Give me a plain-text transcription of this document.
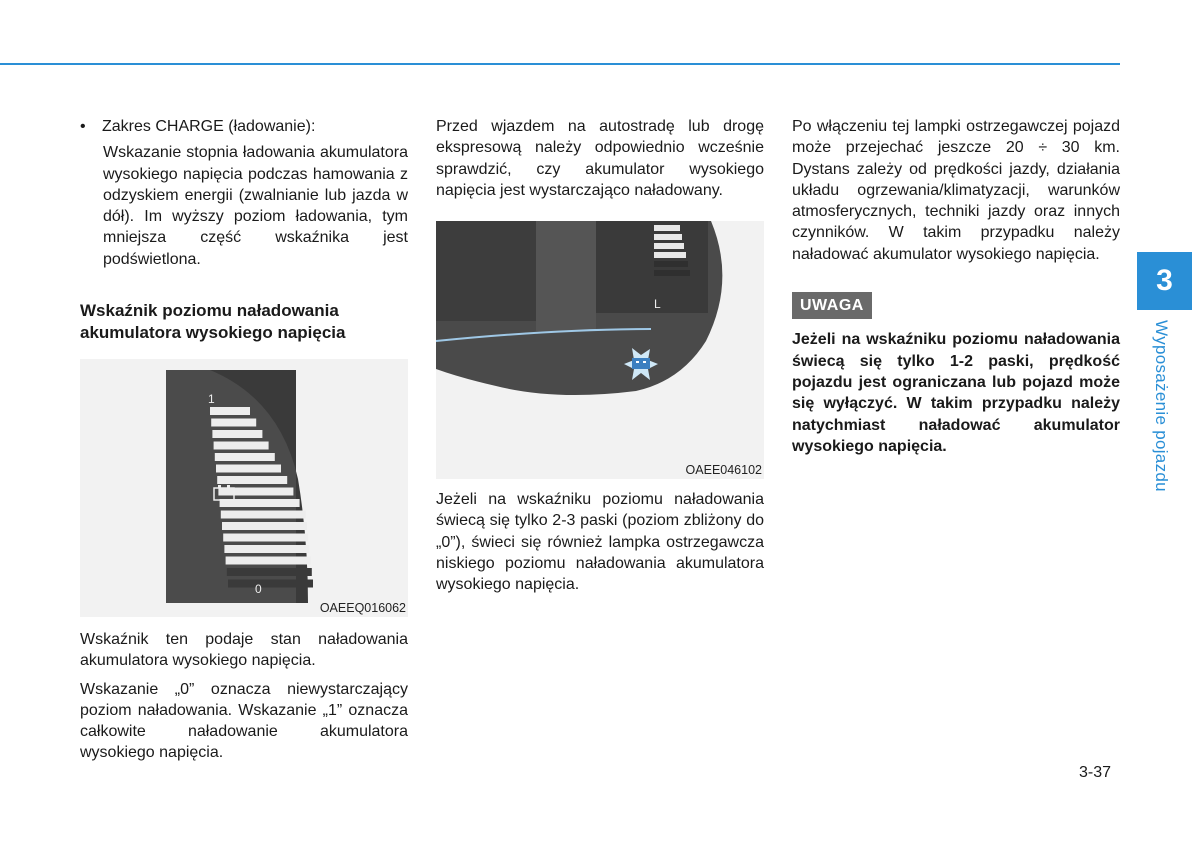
•	Zakres CHARGE (ładowanie):

Wskazanie stopnia ładowania akumulatora wysokiego napięcia podczas hamowania z odzyskiem energii (zwalnianie lub jazda w dół). Im wyższy poziom ładowania, tym mniejsza część wskaźnika jest podświetlona.

Wskaźnik poziomu naładowania akumulatora wysokiego napięcia
1
0
OAEEQ016062

Wskaźnik ten podaje stan naładowania akumulatora wysokiego napięcia.

Wskazanie „0” oznacza niewystarczający poziom naładowania. Wskazanie „1” oznacza całkowite naładowanie akumulatora wysokiego napięcia.

Przed wjazdem na autostradę lub drogę ekspresową należy odpowiednio wcześnie sprawdzić, czy akumulator wysokiego napięcia jest wystarczająco naładowany.

L
OAEE046102

Jeżeli na wskaźniku poziomu naładowania świecą się tylko 2-3 paski (poziom zbliżony do „0”), świeci się również lampka ostrzegawcza niskiego poziomu naładowania akumulatora wysokiego napięcia.

Po włączeniu tej lampki ostrzegawczej pojazd może przejechać jeszcze 20 ÷ 30 km. Dystans zależy od prędkości jazdy, działania układu ogrzewania/klimatyzacji, warunków atmosferycznych, techniki jazdy oraz innych czynników. W takim przypadku należy naładować akumulator wysokiego napięcia.

UWAGA

Jeżeli na wskaźniku poziomu naładowania świecą się tylko 1-2 paski, prędkość pojazdu jest ograniczana lub pojazd może się wyłączyć. W takim przypadku należy natychmiast naładować akumulator wysokiego napięcia.

3
Wyposażenie pojazdu
3-37
